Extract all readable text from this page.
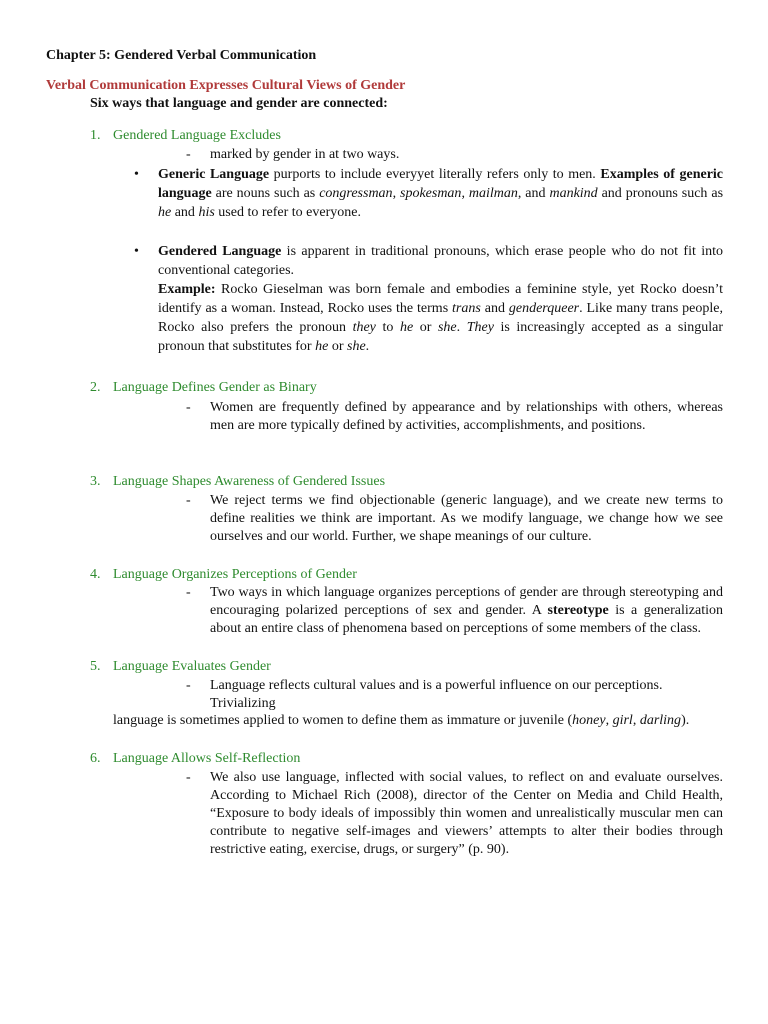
Chapter 5: Gendered Verbal Communication
Verbal Communication Expresses Cultural Views of Gender
Six ways that language and gender are connected:
1. Gendered Language Excludes
- marked by gender in at two ways.
• Generic Language purports to include everyyet literally refers only to men. Examples of generic language are nouns such as congressman, spokesman, mailman, and mankind and pronouns such as he and his used to refer to everyone.
• Gendered Language is apparent in traditional pronouns, which erase people who do not fit into conventional categories.
Example: Rocko Gieselman was born female and embodies a feminine style, yet Rocko doesn’t identify as a woman. Instead, Rocko uses the terms trans and genderqueer. Like many trans people, Rocko also prefers the pronoun they to he or she. They is increasingly accepted as a singular pronoun that substitutes for he or she.
2. Language Defines Gender as Binary
- Women are frequently defined by appearance and by relationships with others, whereas men are more typically defined by activities, accomplishments, and positions.
3. Language Shapes Awareness of Gendered Issues
- We reject terms we find objectionable (generic language), and we create new terms to define realities we think are important. As we modify language, we change how we see ourselves and our world. Further, we shape meanings of our culture.
4. Language Organizes Perceptions of Gender
- Two ways in which language organizes perceptions of gender are through stereotyping and encouraging polarized perceptions of sex and gender. A stereotype is a generalization about an entire class of phenomena based on perceptions of some members of the class.
5. Language Evaluates Gender
- Language reflects cultural values and is a powerful influence on our perceptions.
Trivializing
language is sometimes applied to women to define them as immature or juvenile (honey, girl, darling).
6. Language Allows Self-Reflection
- We also use language, inflected with social values, to reflect on and evaluate ourselves. According to Michael Rich (2008), director of the Center on Media and Child Health, “Exposure to body ideals of impossibly thin women and unrealistically muscular men can contribute to negative self-images and viewers’ attempts to alter their bodies through restrictive eating, exercise, drugs, or surgery” (p. 90).
